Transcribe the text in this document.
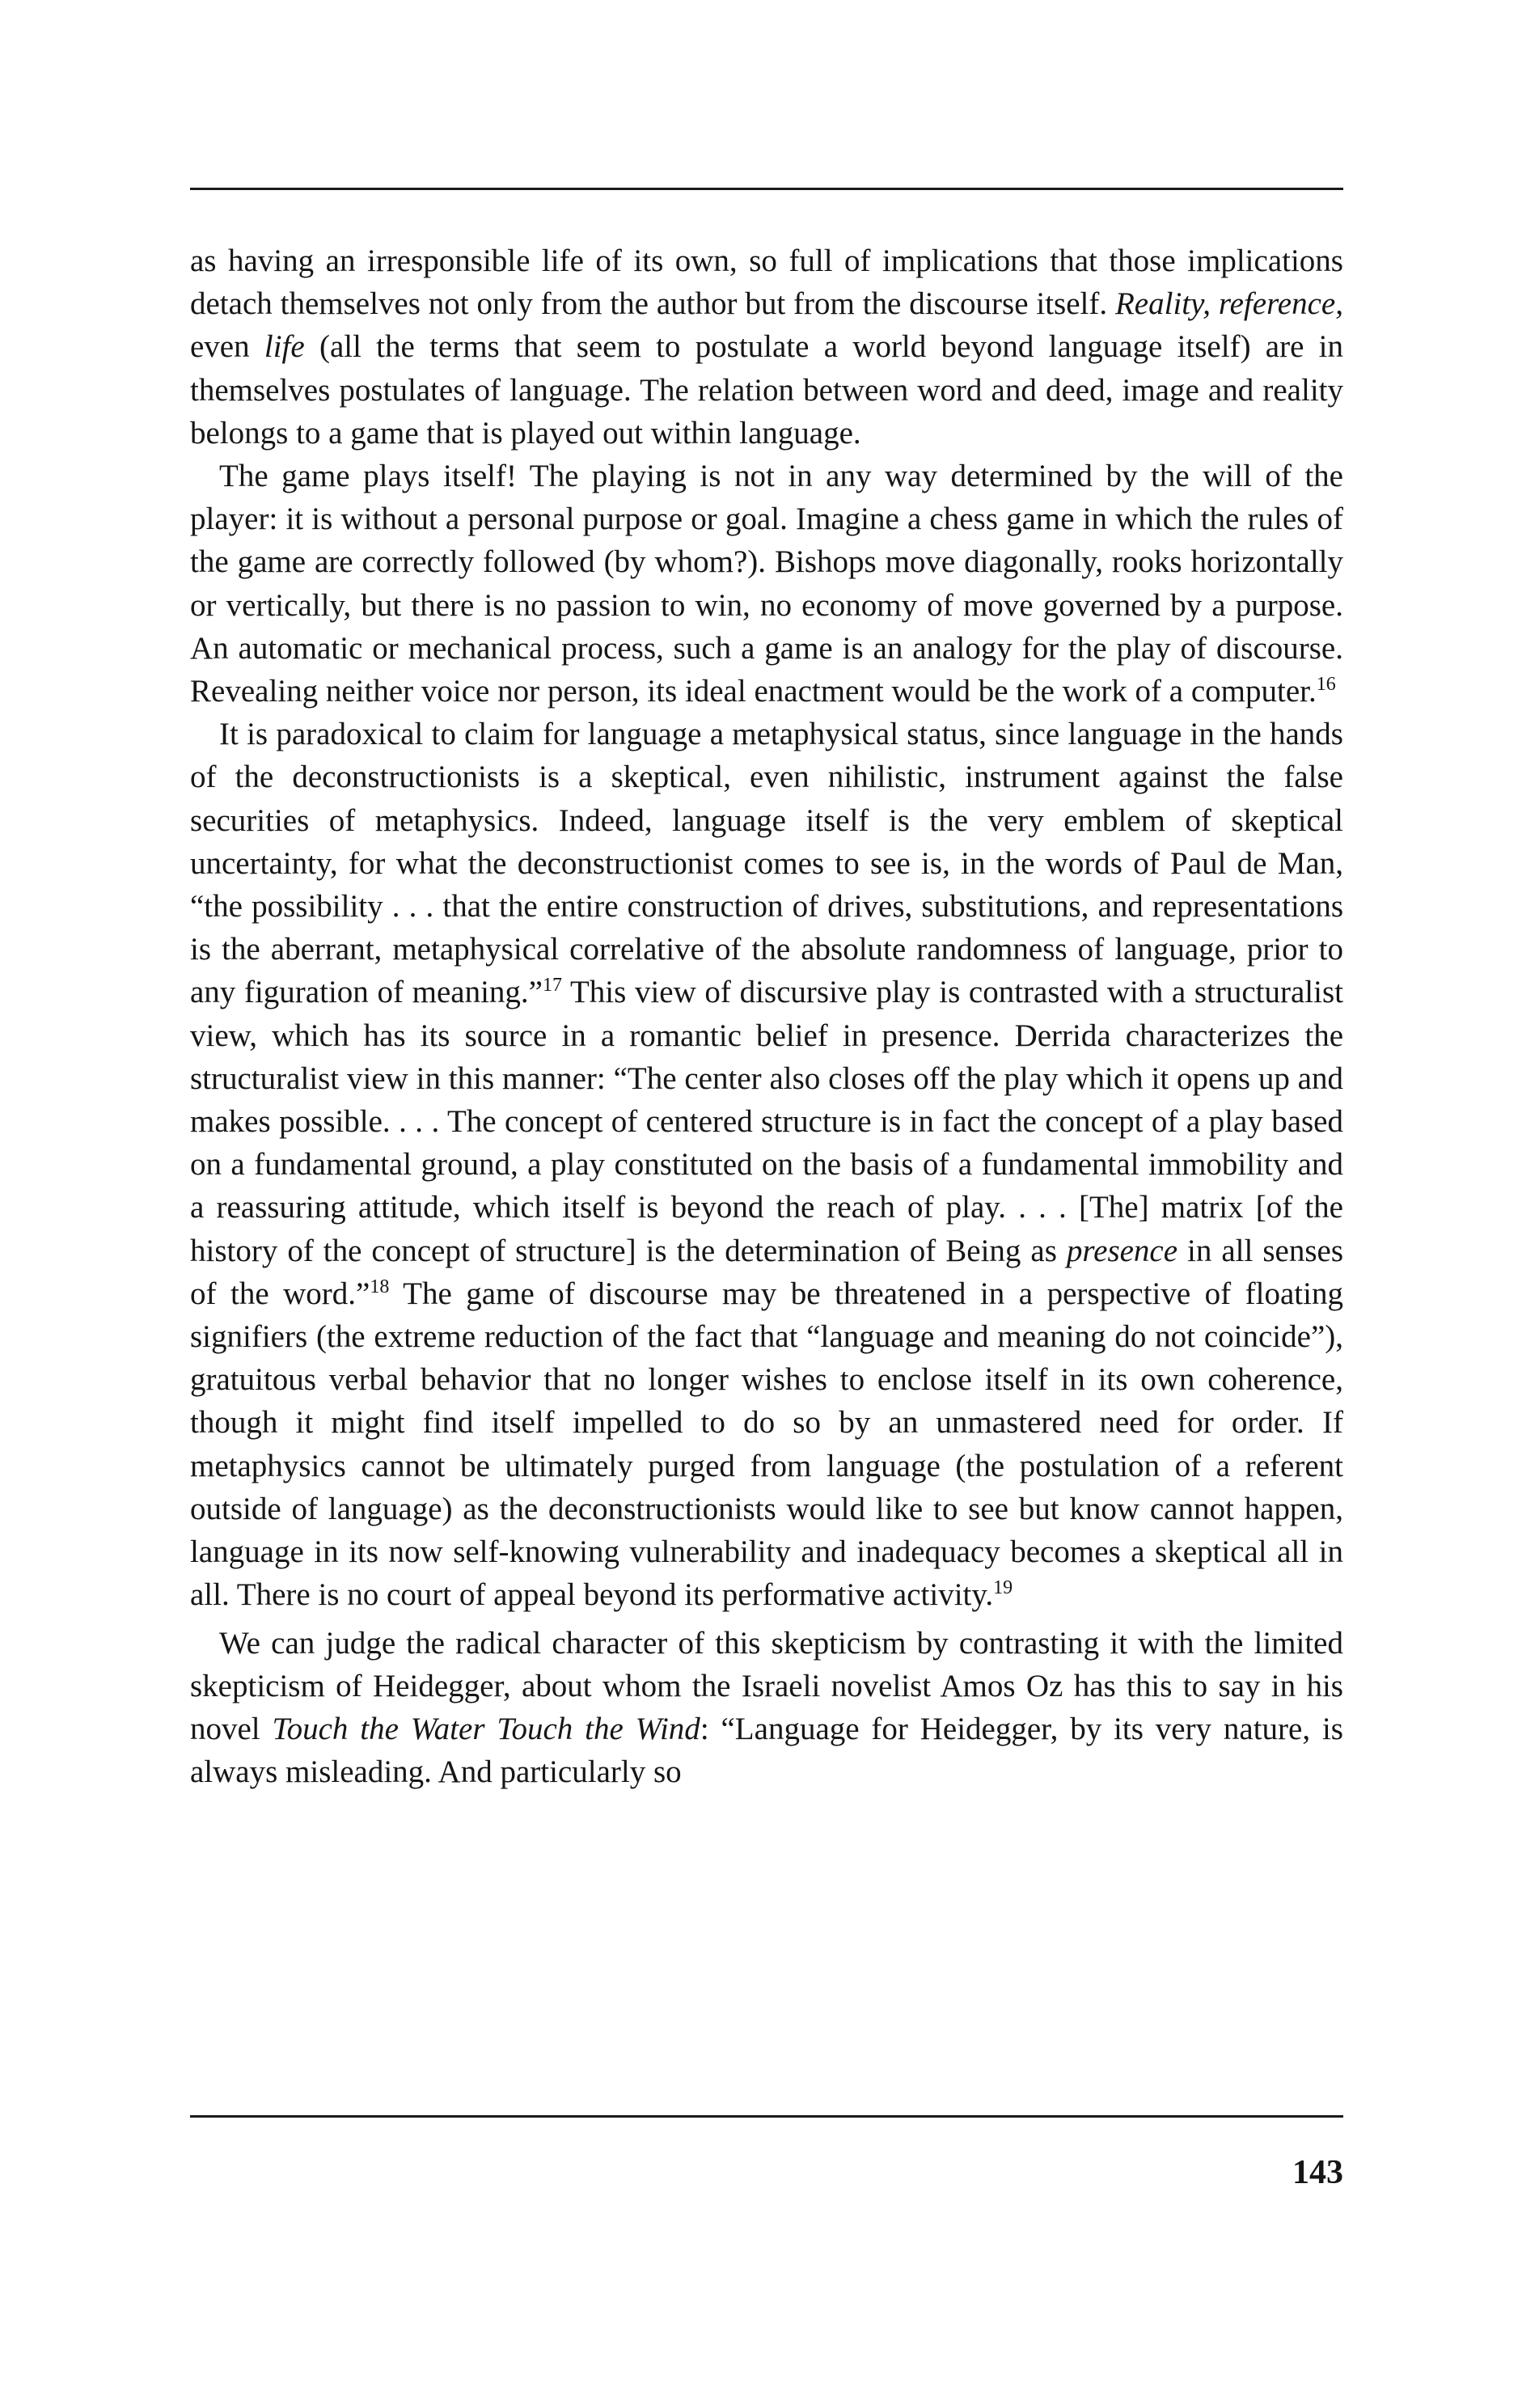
as having an irresponsible life of its own, so full of implications that those implications detach themselves not only from the author but from the discourse itself. Reality, reference, even life (all the terms that seem to postulate a world beyond language itself) are in themselves postulates of language. The relation between word and deed, image and reality belongs to a game that is played out within language.

The game plays itself! The playing is not in any way determined by the will of the player: it is without a personal purpose or goal. Imagine a chess game in which the rules of the game are correctly followed (by whom?). Bishops move diagonally, rooks horizontally or vertically, but there is no passion to win, no economy of move governed by a purpose. An automatic or mechanical process, such a game is an analogy for the play of discourse. Revealing neither voice nor person, its ideal enactment would be the work of a computer.$^{16}$

It is paradoxical to claim for language a metaphysical status, since language in the hands of the deconstructionists is a skeptical, even nihilistic, instrument against the false securities of metaphysics. Indeed, language itself is the very emblem of skeptical uncertainty, for what the deconstructionist comes to see is, in the words of Paul de Man, “the possibility . . . that the entire construction of drives, substitutions, and representations is the aberrant, metaphysical correlative of the absolute randomness of language, prior to any figuration of meaning.”$^{17}$ This view of discursive play is contrasted with a structuralist view, which has its source in a romantic belief in presence. Derrida characterizes the structuralist view in this manner: “The center also closes off the play which it opens up and makes possible. . . . The concept of centered structure is in fact the concept of a play based on a fundamental ground, a play constituted on the basis of a fundamental immobility and a reassuring attitude, which itself is beyond the reach of play. . . . [The] matrix [of the history of the concept of structure] is the determination of Being as presence in all senses of the word.”$^{18}$ The game of discourse may be threatened in a perspective of floating signifiers (the extreme reduction of the fact that “language and meaning do not coincide”), gratuitous verbal behavior that no longer wishes to enclose itself in its own coherence, though it might find itself impelled to do so by an unmastered need for order. If metaphysics cannot be ultimately purged from language (the postulation of a referent outside of language) as the deconstructionists would like to see but know cannot happen, language in its now self-knowing vulnerability and inadequacy becomes a skeptical all in all. There is no court of appeal beyond its performative activity.$^{19}$

We can judge the radical character of this skepticism by contrasting it with the limited skepticism of Heidegger, about whom the Israeli novelist Amos Oz has this to say in his novel Touch the Water Touch the Wind: “Language for Heidegger, by its very nature, is always misleading. And particularly so

143
